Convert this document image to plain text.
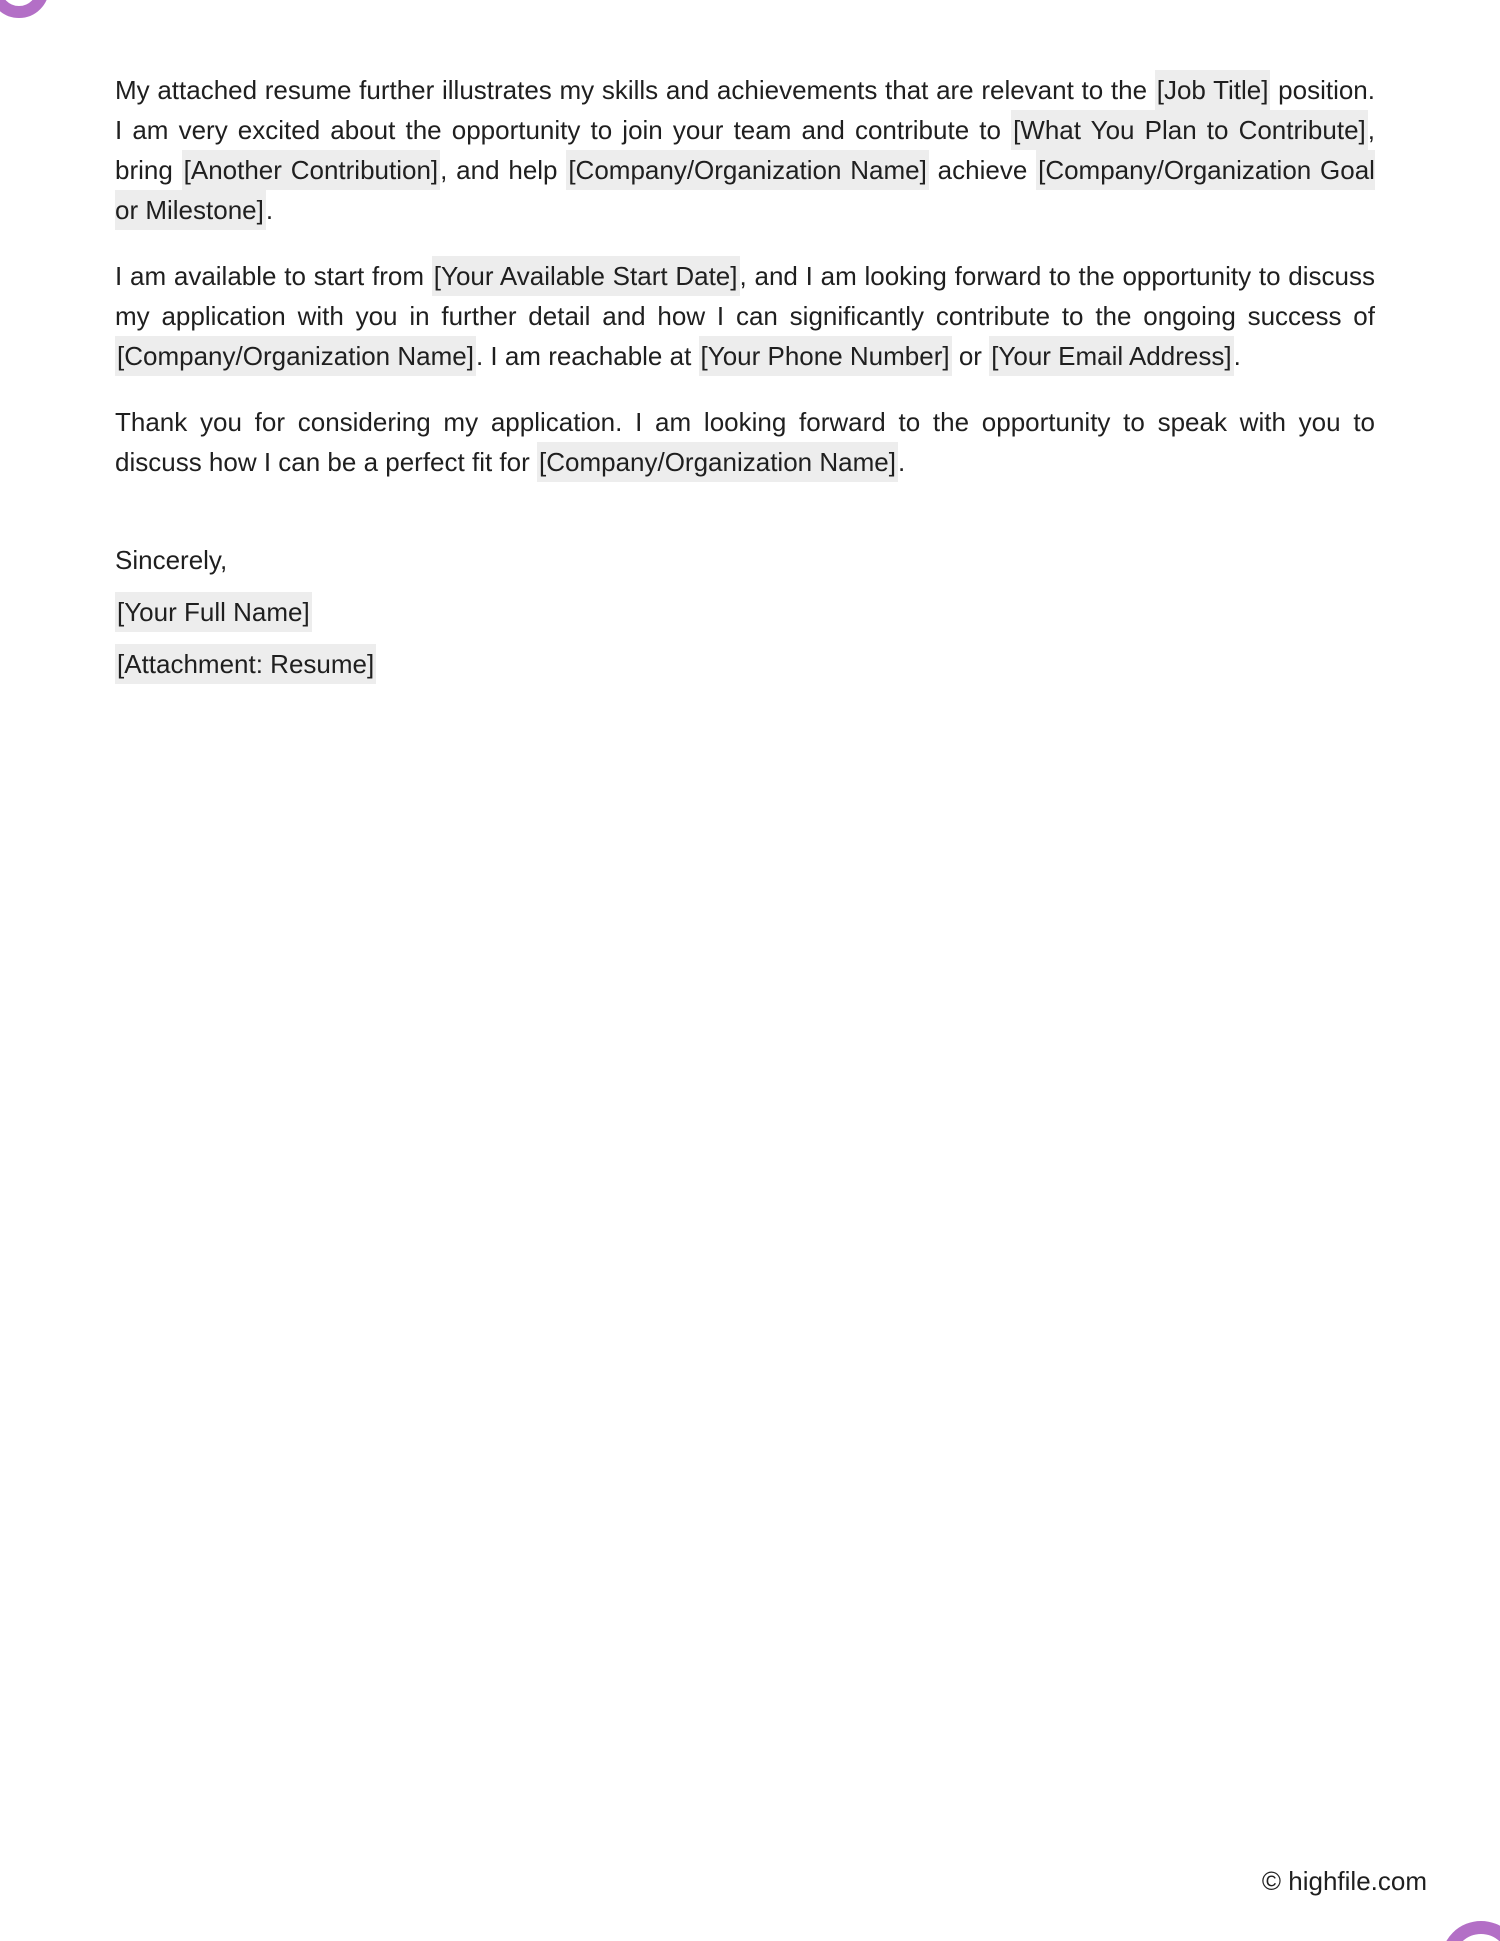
My attached resume further illustrates my skills and achievements that are relevant to the [Job Title] position. I am very excited about the opportunity to join your team and contribute to [What You Plan to Contribute], bring [Another Contribution], and help [Company/Organization Name] achieve [Company/Organization Goal or Milestone].

I am available to start from [Your Available Start Date], and I am looking forward to the opportunity to discuss my application with you in further detail and how I can significantly contribute to the ongoing success of [Company/Organization Name]. I am reachable at [Your Phone Number] or [Your Email Address].

Thank you for considering my application. I am looking forward to the opportunity to speak with you to discuss how I can be a perfect fit for [Company/Organization Name].

Sincerely,

[Your Full Name]

[Attachment: Resume]

© highfile.com
